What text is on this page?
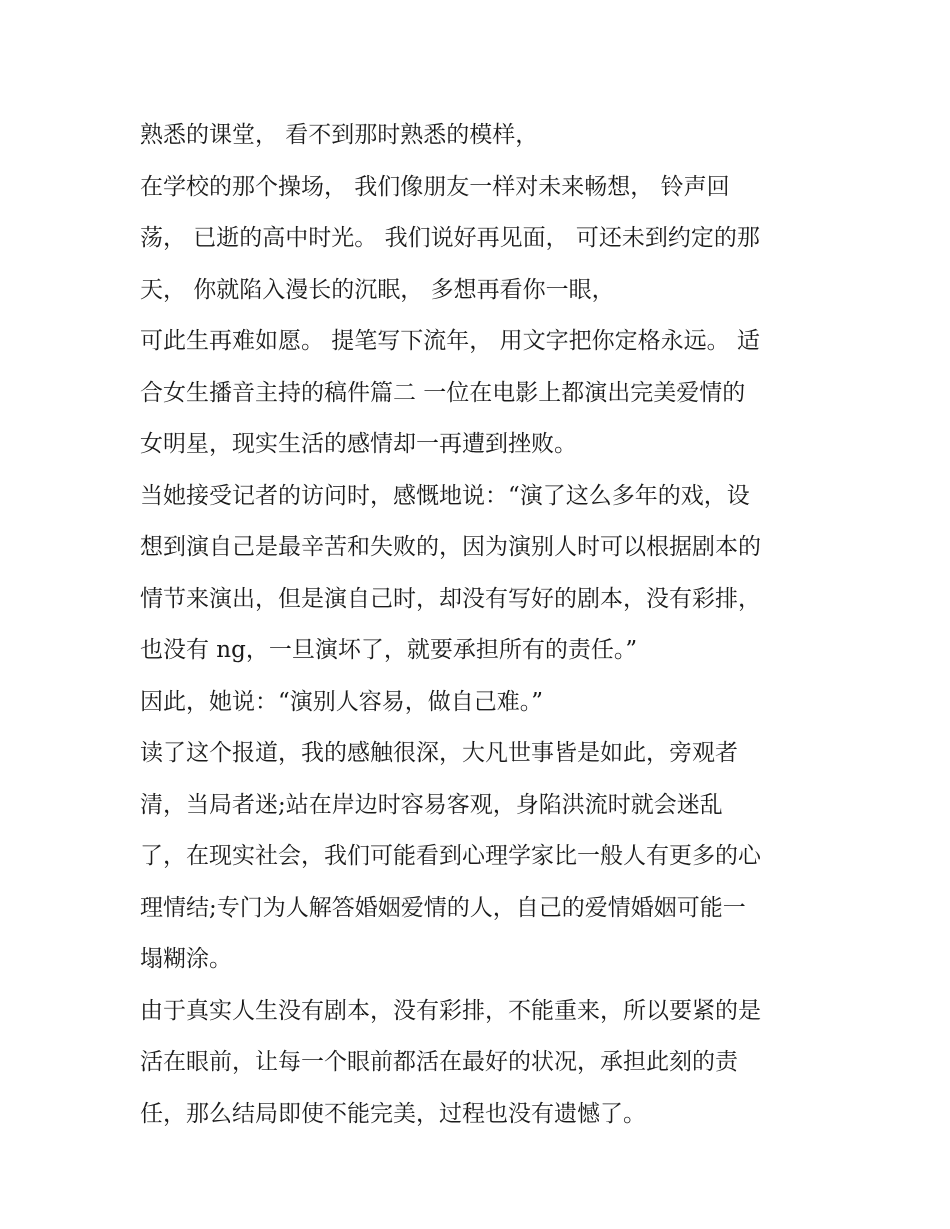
熟悉的课堂， 看不到那时熟悉的模样，
在学校的那个操场， 我们像朋友一样对未来畅想， 铃声回
荡， 已逝的高中时光。 我们说好再见面， 可还未到约定的那
天， 你就陷入漫长的沉眠， 多想再看你一眼，
可此生再难如愿。 提笔写下流年， 用文字把你定格永远。 适
合女生播音主持的稿件篇二 一位在电影上都演出完美爱情的
女明星，现实生活的感情却一再遭到挫败。
当她接受记者的访问时，感慨地说：“演了这么多年的戏，设
想到演自己是最辛苦和失败的，因为演别人时可以根据剧本的
情节来演出，但是演自己时，却没有写好的剧本，没有彩排，
也没有 ng，一旦演坏了，就要承担所有的责任。”
因此，她说：“演别人容易，做自己难。”
读了这个报道，我的感触很深，大凡世事皆是如此，旁观者
清，当局者迷;站在岸边时容易客观，身陷洪流时就会迷乱
了，在现实社会，我们可能看到心理学家比一般人有更多的心
理情结;专门为人解答婚姻爱情的人，自己的爱情婚姻可能一
塌糊涂。
由于真实人生没有剧本，没有彩排，不能重来，所以要紧的是
活在眼前，让每一个眼前都活在最好的状况，承担此刻的责
任，那么结局即使不能完美，过程也没有遗憾了。
